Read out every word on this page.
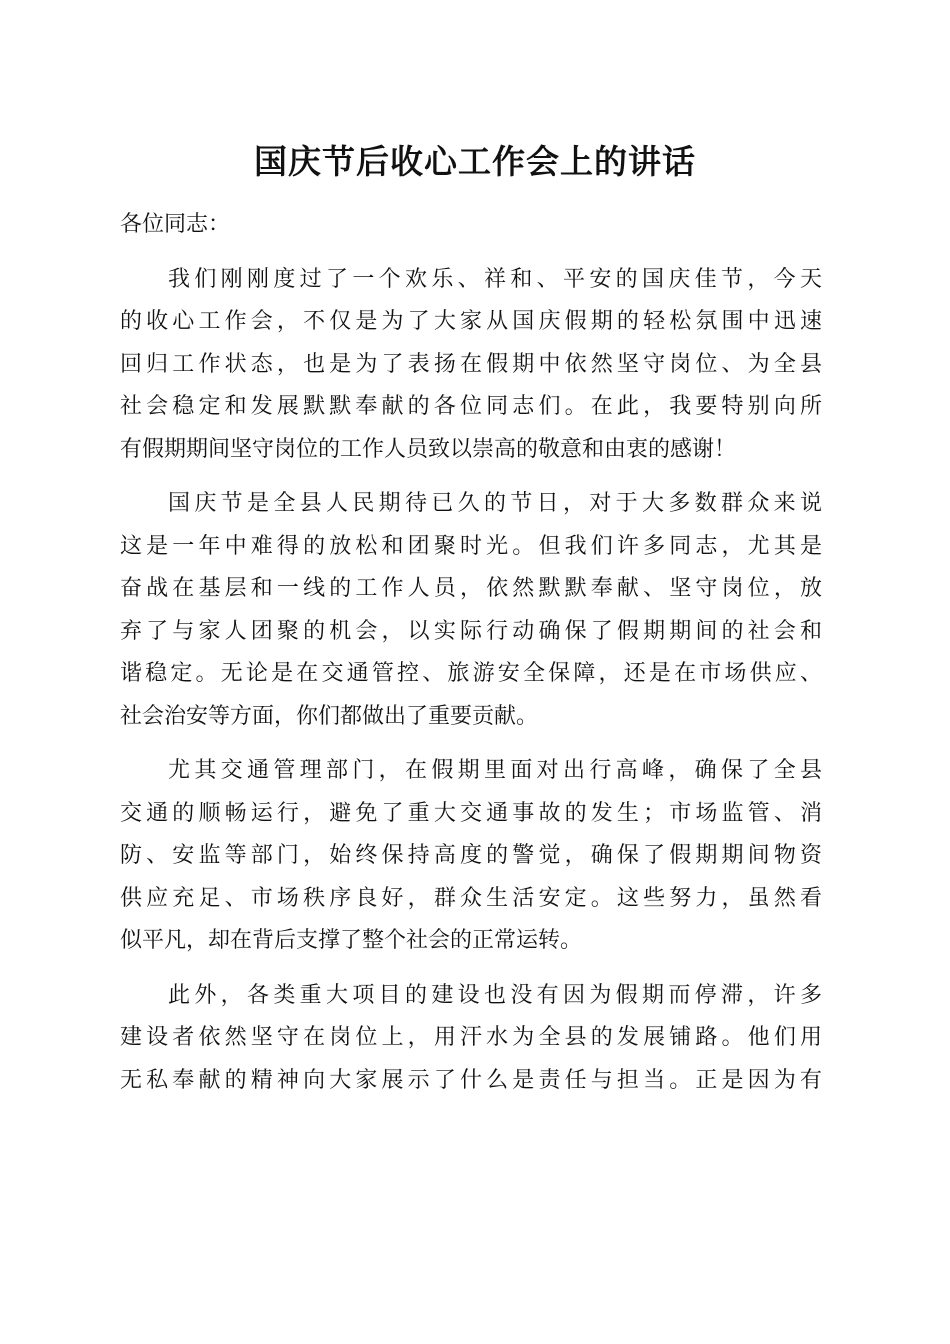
国庆节后收心工作会上的讲话
各位同志：
我们刚刚度过了一个欢乐、祥和、平安的国庆佳节，今天
的收心工作会，不仅是为了大家从国庆假期的轻松氛围中迅速
回归工作状态，也是为了表扬在假期中依然坚守岗位、为全县
社会稳定和发展默默奉献的各位同志们。在此，我要特别向所
有假期期间坚守岗位的工作人员致以崇高的敬意和由衷的感谢！
国庆节是全县人民期待已久的节日，对于大多数群众来说
这是一年中难得的放松和团聚时光。但我们许多同志，尤其是
奋战在基层和一线的工作人员，依然默默奉献、坚守岗位，放
弃了与家人团聚的机会，以实际行动确保了假期期间的社会和
谐稳定。无论是在交通管控、旅游安全保障，还是在市场供应、
社会治安等方面，你们都做出了重要贡献。
尤其交通管理部门，在假期里面对出行高峰，确保了全县
交通的顺畅运行，避免了重大交通事故的发生；市场监管、消
防、安监等部门，始终保持高度的警觉，确保了假期期间物资
供应充足、市场秩序良好，群众生活安定。这些努力，虽然看
似平凡，却在背后支撑了整个社会的正常运转。
此外，各类重大项目的建设也没有因为假期而停滞，许多
建设者依然坚守在岗位上，用汗水为全县的发展铺路。他们用
无私奉献的精神向大家展示了什么是责任与担当。正是因为有
